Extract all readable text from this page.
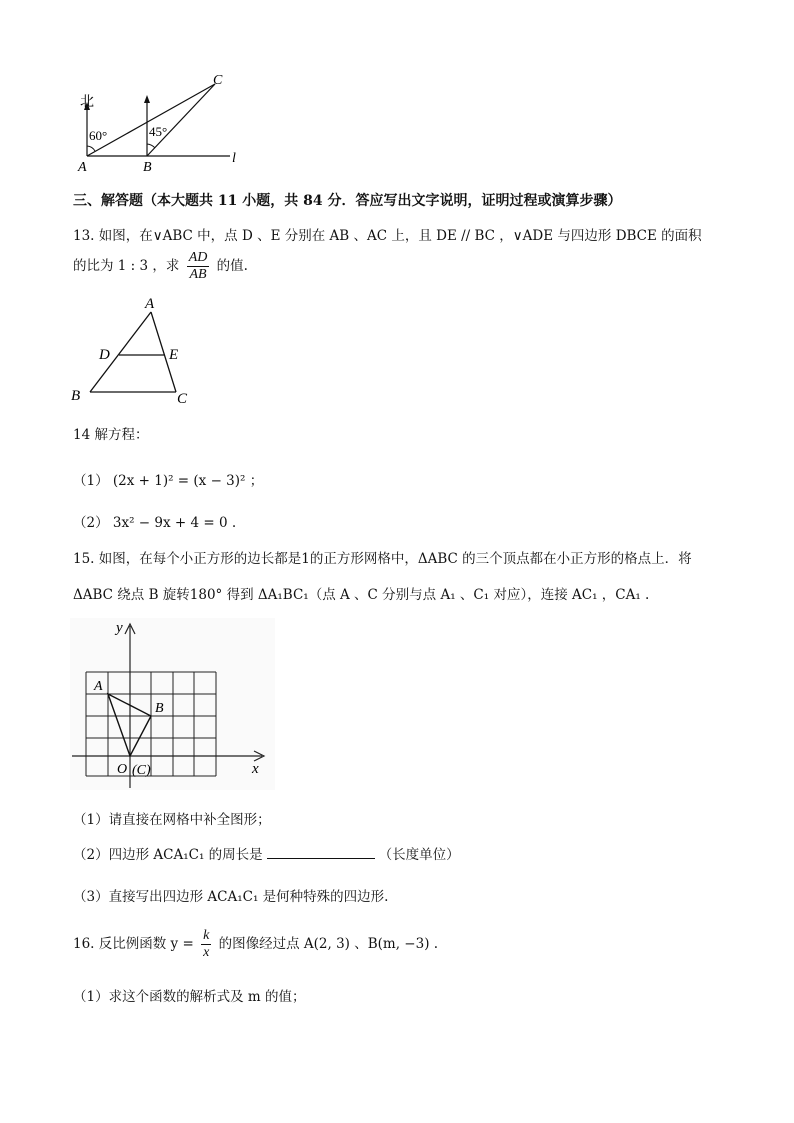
北
60°	45°
A	B
C
l
三、解答题（本大题共 11 小题，共 84 分．答应写出文字说明，证明过程或演算步骤）
13. 如图，在∨ABC 中，点 D 、E 分别在 AB 、AC 上，且 DE // BC ，∨ADE 与四边形 DBCE 的面积
的比为 1 : 3 ，求 $\frac{AD}{AB}$ 的值.
A
D	E
B	C
14 解方程：
（1） (2x + 1)² = (x − 3)² ；
（2） 3x² − 9x + 4 = 0 .
15. 如图，在每个小正方形的边长都是1的正方形网格中，ΔABC 的三个顶点都在小正方形的格点上．将
ΔABC 绕点 B 旋转180° 得到 ΔA₁BC₁（点 A 、C 分别与点 A₁ 、C₁ 对应），连接 AC₁ ，CA₁ .
y
x
A
B
O (C)
（1）请直接在网格中补全图形；
（2）四边形 ACA₁C₁ 的周长是	（长度单位）
（3）直接写出四边形 ACA₁C₁ 是何种特殊的四边形.
16. 反比例函数 $y = \frac{k}{x}$ 的图像经过点 A(2, 3) 、B(m, −3) .
（1）求这个函数的解析式及 m 的值；
